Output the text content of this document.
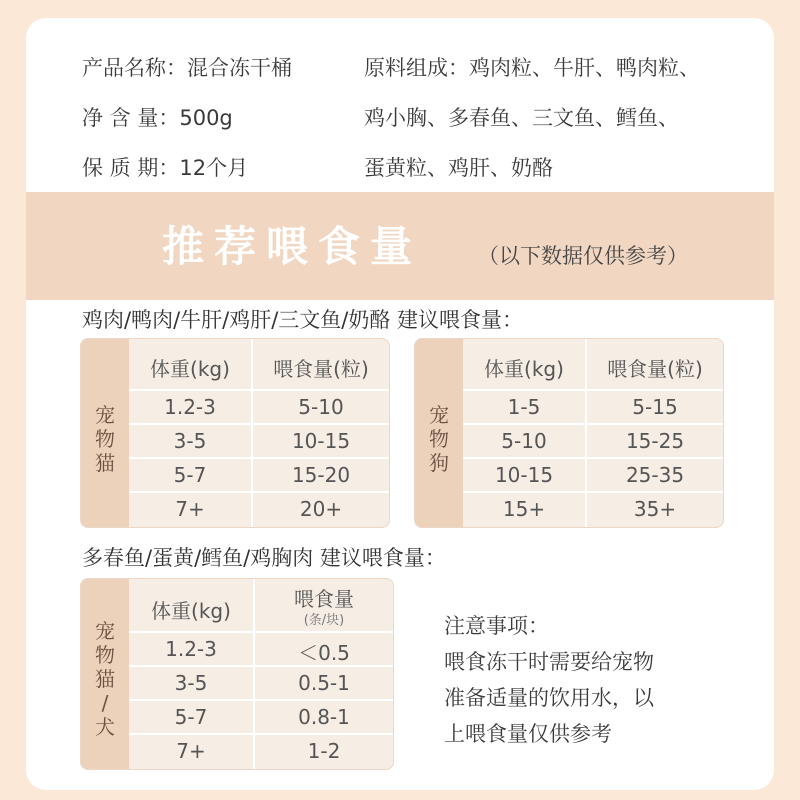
产品名称：混合冻干桶
净 含 量：500g
保 质 期：12个月
原料组成：鸡肉粒、牛肝、鸭肉粒、
鸡小胸、多春鱼、三文鱼、鳕鱼、
蛋黄粒、鸡肝、奶酪
推荐喂食量	（以下数据仅供参考）
鸡肉/鸭肉/牛肝/鸡肝/三文鱼/奶酪 建议喂食量：
宠
物
猫
体重(kg)	喂食量(粒)
1.2-3	5-10
3-5	10-15
5-7	15-20
7+	20+
宠
物
狗
体重(kg)	喂食量(粒)
1-5	5-15
5-10	15-25
10-15	25-35
15+	35+
多春鱼/蛋黄/鳕鱼/鸡胸肉 建议喂食量：
宠
物
猫
/
犬
体重(kg)	喂食量
(条/块)
1.2-3	＜0.5
3-5	0.5-1
5-7	0.8-1
7+	1-2
注意事项：
喂食冻干时需要给宠物
准备适量的饮用水，以
上喂食量仅供参考
